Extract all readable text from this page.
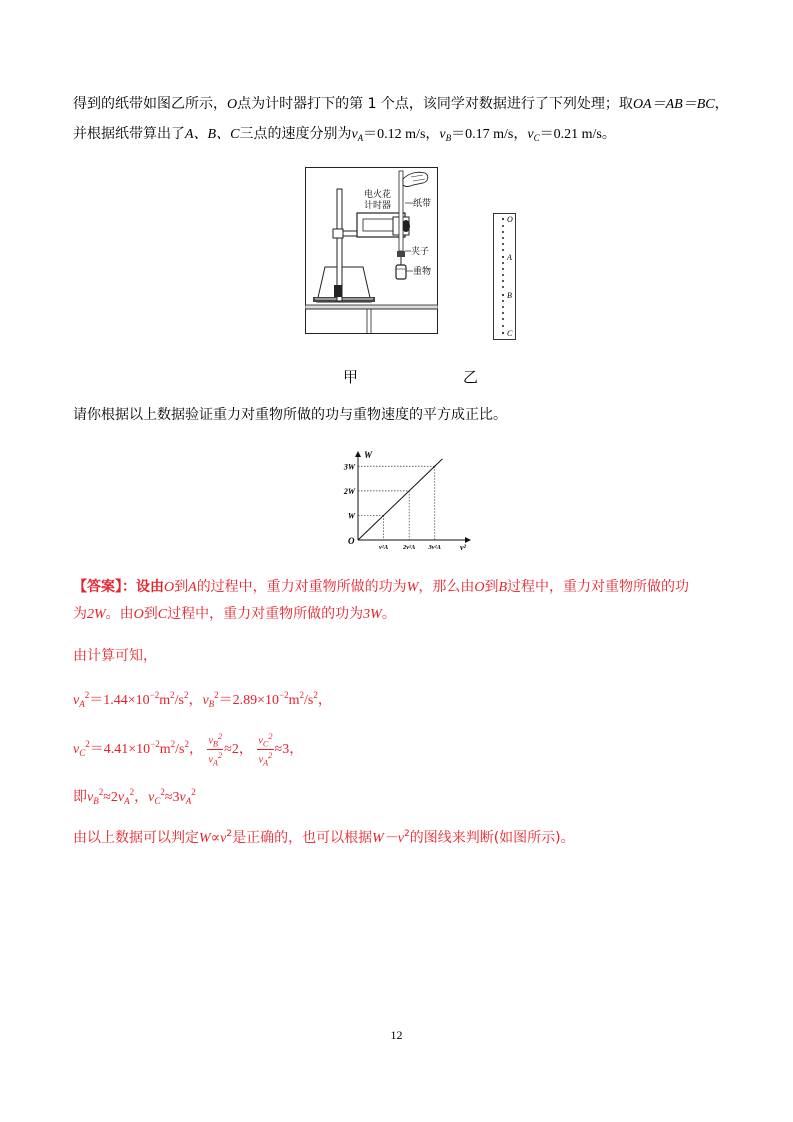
得到的纸带如图乙所示，O点为计时器打下的第 1 个点，该同学对数据进行了下列处理；取OA＝AB＝BC，
并根据纸带算出了A、B、C三点的速度分别为$v_A=0.12$ m/s，$v_B=0.17$ m/s，$v_C=0.21$ m/s。
电火花
计时器 纸带
夹子
重物
O
A
B
C
甲	乙
请你根据以上数据验证重力对重物所做的功与重物速度的平方成正比。
W
v²
O
W
v²A
2W
2v²A
3W
3v²A
【答案】：设由O到A的过程中，重力对重物所做的功为W，那么由O到B过程中，重力对重物所做的功
为2W。由O到C过程中，重力对重物所做的功为3W。
由计算可知，
$v_A^2=1.44\times 10^{-2}m^2/s^2$，$v_B^2=2.89\times 10^{-2}m^2/s^2$，
$v_C^2=4.41\times 10^{-2}m^2/s^2$， $\frac{v_B^2}{v_A^2} \approx 2$， $\frac{v_C^2}{v_A^2} \approx 3$，
即$v_B^2\approx 2v_A^2$，$v_C^2\approx 3v_A^2$
由以上数据可以判定$W\propto v^2$是正确的，也可以根据$W-v^2$的图线来判断(如图所示)。
12
